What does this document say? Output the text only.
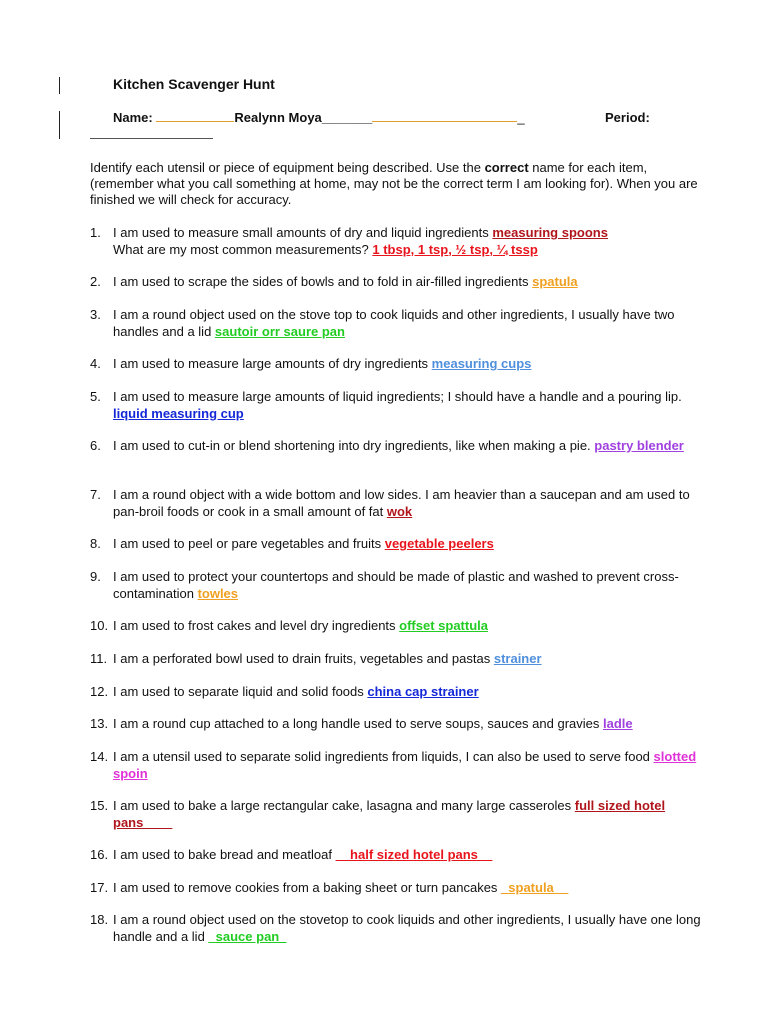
Kitchen Scavenger Hunt
Name:	Realynn Moya_______	_	Period:
Identify each utensil or piece of equipment being described. Use the correct name for each item, (remember what you call something at home, may not be the correct term I am looking for). When you are finished we will check for accuracy.
1. I am used to measure small amounts of dry and liquid ingredients measuring spoons
What are my most common measurements? 1 tbsp, 1 tsp, ½ tsp, ¼ tssp
2. I am used to scrape the sides of bowls and to fold in air-filled ingredients spatula
3. I am a round object used on the stove top to cook liquids and other ingredients, I usually have two handles and a lid sautoir orr saure pan
4. I am used to measure large amounts of dry ingredients measuring cups
5. I am used to measure large amounts of liquid ingredients; I should have a handle and a pouring lip. liquid measuring cup
6. I am used to cut-in or blend shortening into dry ingredients, like when making a pie. pastry blender
7. I am a round object with a wide bottom and low sides. I am heavier than a saucepan and am used to pan-broil foods or cook in a small amount of fat wok
8. I am used to peel or pare vegetables and fruits vegetable peelers
9. I am used to protect your countertops and should be made of plastic and washed to prevent cross-contamination towles
10. I am used to frost cakes and level dry ingredients offset spattula
11. I am a perforated bowl used to drain fruits, vegetables and pastas strainer
12. I am used to separate liquid and solid foods china cap strainer
13. I am a round cup attached to a long handle used to serve soups, sauces and gravies ladle
14. I am a utensil used to separate solid ingredients from liquids, I can also be used to serve food slotted spoin
15. I am used to bake a large rectangular cake, lasagna and many large casseroles full sized hotel pans____
16. I am used to bake bread and meatloaf __half sized hotel pans__
17. I am used to remove cookies from a baking sheet or turn pancakes _spatula__
18. I am a round object used on the stovetop to cook liquids and other ingredients, I usually have one long handle and a lid _sauce pan_
